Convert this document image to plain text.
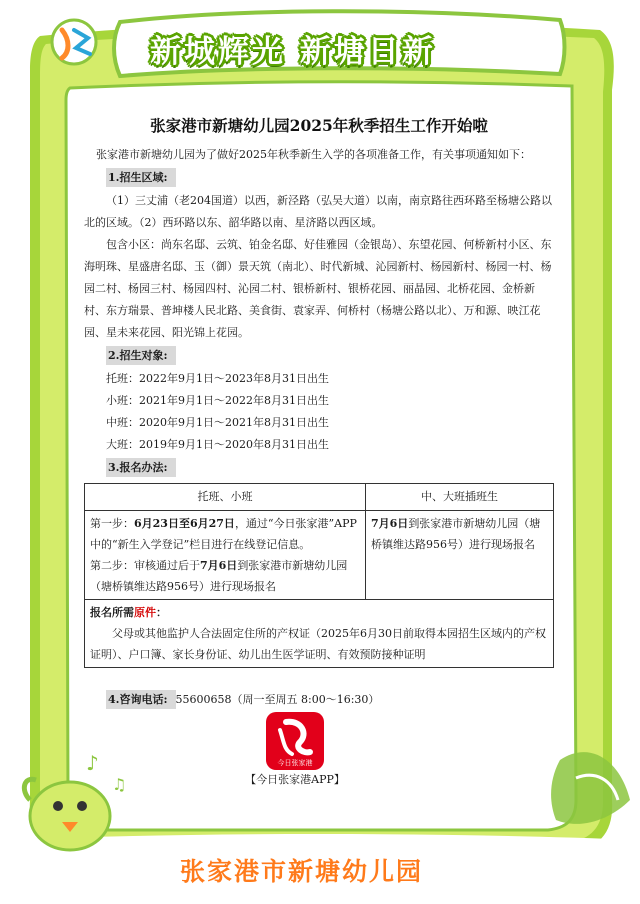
♪
♫
新城辉光 新塘日新
张家港市新塘幼儿园2025年秋季招生工作开始啦

张家港市新塘幼儿园为了做好2025年秋季新生入学的各项准备工作，有关事项通知如下：

1.招生区域:

（1）三丈浦（老204国道）以西，新泾路（弘吴大道）以南，南京路往西环路至杨塘公路以北的区域。（2）西环路以东、韶华路以南、星济路以西区域。

包含小区：尚东名邸、云筑、铂金名邸、好佳雅园（金银岛）、东望花园、何桥新村小区、东海明珠、星盛唐名邸、玉（御）景天筑（南北）、时代新城、沁园新村、杨园新村、杨园一村、杨园二村、杨园三村、杨园四村、沁园二村、银桥新村、银桥花园、丽晶园、北桥花园、金桥新村、东方瑞景、普坤楼人民北路、美食街、袁家弄、何桥村（杨塘公路以北）、万和源、映江花园、星未来花园、阳光锦上花园。

2.招生对象:

托班：2022年9月1日～2023年8月31日出生

小班：2021年9月1日～2022年8月31日出生

中班：2020年9月1日～2021年8月31日出生

大班：2019年9月1日～2020年8月31日出生

3.报名办法:
托班、小班	中、大班插班生

第一步：6月23日至6月27日，通过“今日张家港”APP中的“新生入学登记”栏目进行在线登记信息。
第二步：审核通过后于7月6日到张家港市新塘幼儿园（塘桥镇维达路956号）进行现场报名	7月6日到张家港市新塘幼儿园（塘桥镇维达路956号）进行现场报名

报名所需原件：
父母或其他监护人合法固定住所的产权证（2025年6月30日前取得本园招生区域内的产权证明）、户口簿、家长身份证、幼儿出生医学证明、有效预防接种证明	
4.咨询电话: 55600658（周一至周五 8:00～16:30）
今日张家港
【今日张家港APP】
张家港市新塘幼儿园
